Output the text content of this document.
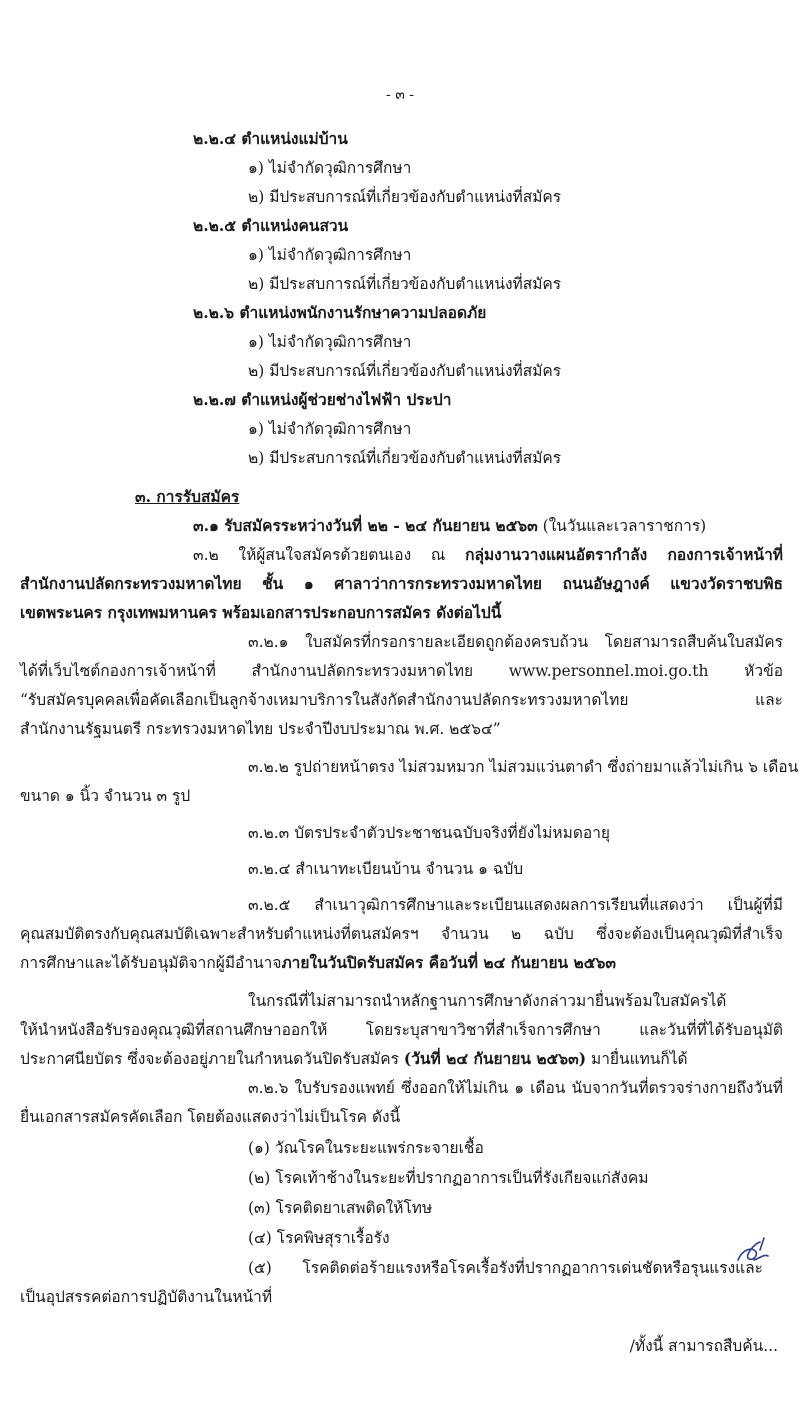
- ๓ -
๒.๒.๔ ตำแหน่งแม่บ้าน
๑) ไม่จำกัดวุฒิการศึกษา
๒) มีประสบการณ์ที่เกี่ยวข้องกับตำแหน่งที่สมัคร
๒.๒.๕ ตำแหน่งคนสวน
๑) ไม่จำกัดวุฒิการศึกษา
๒) มีประสบการณ์ที่เกี่ยวข้องกับตำแหน่งที่สมัคร
๒.๒.๖ ตำแหน่งพนักงานรักษาความปลอดภัย
๑) ไม่จำกัดวุฒิการศึกษา
๒) มีประสบการณ์ที่เกี่ยวข้องกับตำแหน่งที่สมัคร
๒.๒.๗ ตำแหน่งผู้ช่วยช่างไฟฟ้า ประปา
๑) ไม่จำกัดวุฒิการศึกษา
๒) มีประสบการณ์ที่เกี่ยวข้องกับตำแหน่งที่สมัคร
๓. การรับสมัคร
๓.๑ รับสมัครระหว่างวันที่ ๒๒ - ๒๔ กันยายน ๒๕๖๓ (ในวันและเวลาราชการ)
๓.๒ ให้ผู้สนใจสมัครด้วยตนเอง ณ กลุ่มงานวางแผนอัตรากำลัง กองการเจ้าหน้าที่
สำนักงานปลัดกระทรวงมหาดไทย ชั้น ๑ ศาลาว่าการกระทรวงมหาดไทย ถนนอัษฎางค์ แขวงวัดราชบพิธ
เขตพระนคร กรุงเทพมหานคร พร้อมเอกสารประกอบการสมัคร ดังต่อไปนี้
๓.๒.๑ ใบสมัครที่กรอกรายละเอียดถูกต้องครบถ้วน โดยสามารถสืบค้นใบสมัคร
ได้ที่เว็บไซต์กองการเจ้าหน้าที่ สำนักงานปลัดกระทรวงมหาดไทย www.personnel.moi.go.th หัวข้อ
“รับสมัครบุคคลเพื่อคัดเลือกเป็นลูกจ้างเหมาบริการในสังกัดสำนักงานปลัดกระทรวงมหาดไทย และ
สำนักงานรัฐมนตรี กระทรวงมหาดไทย ประจำปีงบประมาณ พ.ศ. ๒๕๖๔”
๓.๒.๒ รูปถ่ายหน้าตรง ไม่สวมหมวก ไม่สวมแว่นตาดำ ซึ่งถ่ายมาแล้วไม่เกิน ๖ เดือน
ขนาด ๑ นิ้ว จำนวน ๓ รูป
๓.๒.๓ บัตรประจำตัวประชาชนฉบับจริงที่ยังไม่หมดอายุ
๓.๒.๔ สำเนาทะเบียนบ้าน จำนวน ๑ ฉบับ
๓.๒.๕ สำเนาวุฒิการศึกษาและระเบียนแสดงผลการเรียนที่แสดงว่า เป็นผู้ที่มี
คุณสมบัติตรงกับคุณสมบัติเฉพาะสำหรับตำแหน่งที่ตนสมัครฯ จำนวน ๒ ฉบับ ซึ่งจะต้องเป็นคุณวุฒิที่สำเร็จ
การศึกษาและได้รับอนุมัติจากผู้มีอำนาจภายในวันปิดรับสมัคร คือวันที่ ๒๔ กันยายน ๒๕๖๓
ในกรณีที่ไม่สามารถนำหลักฐานการศึกษาดังกล่าวมายื่นพร้อมใบสมัครได้
ให้นำหนังสือรับรองคุณวุฒิที่สถานศึกษาออกให้ โดยระบุสาขาวิชาที่สำเร็จการศึกษา และวันที่ที่ได้รับอนุมัติ
ประกาศนียบัตร ซึ่งจะต้องอยู่ภายในกำหนดวันปิดรับสมัคร (วันที่ ๒๔ กันยายน ๒๕๖๓) มายื่นแทนก็ได้
๓.๒.๖ ใบรับรองแพทย์ ซึ่งออกให้ไม่เกิน ๑ เดือน นับจากวันที่ตรวจร่างกายถึงวันที่
ยื่นเอกสารสมัครคัดเลือก โดยต้องแสดงว่าไม่เป็นโรค ดังนี้
(๑) วัณโรคในระยะแพร่กระจายเชื้อ
(๒) โรคเท้าช้างในระยะที่ปรากฏอาการเป็นที่รังเกียจแก่สังคม
(๓) โรคติดยาเสพติดให้โทษ
(๔) โรคพิษสุราเรื้อรัง
(๕) โรคติดต่อร้ายแรงหรือโรคเรื้อรังที่ปรากฏอาการเด่นชัดหรือรุนแรงและ
เป็นอุปสรรคต่อการปฏิบัติงานในหน้าที่
/ทั้งนี้ สามารถสืบค้น...
